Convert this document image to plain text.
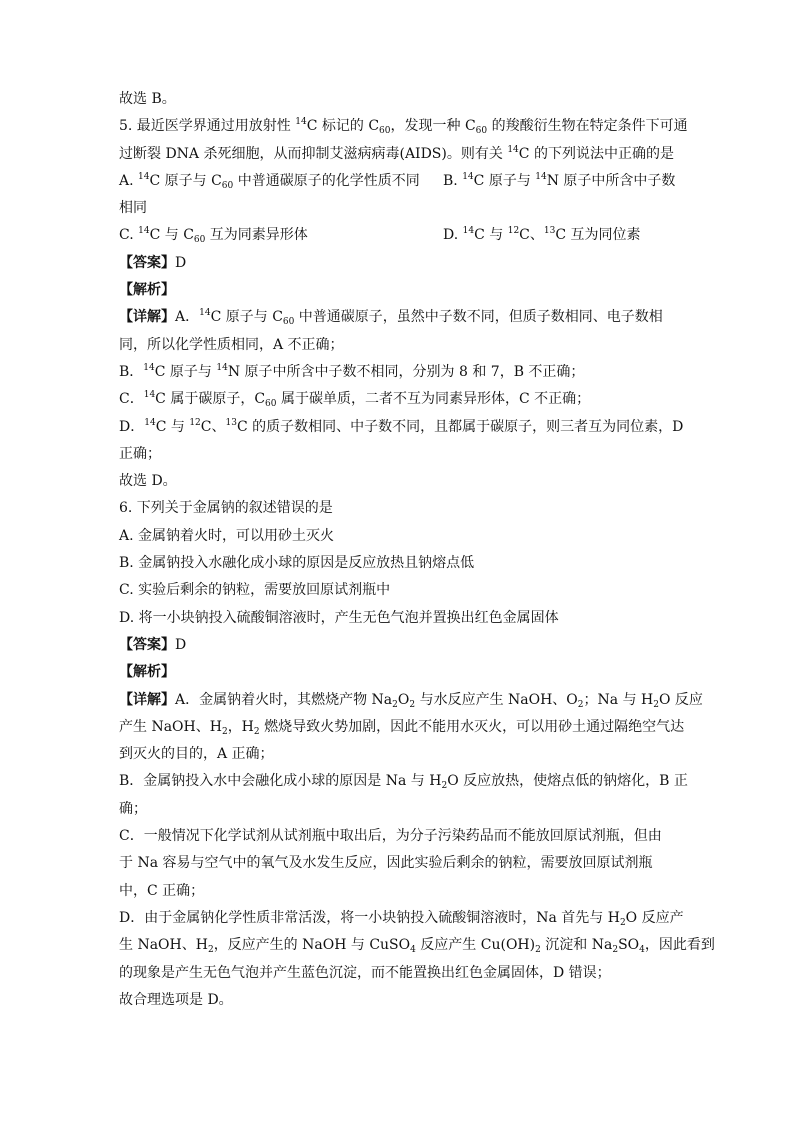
故选 B。
5. 最近医学界通过用放射性 $^{14}$C 标记的 $C_{60}$，发现一种 $C_{60}$ 的羧酸衍生物在特定条件下可通
过断裂 DNA 杀死细胞，从而抑制艾滋病病毒(AIDS)。则有关 $^{14}$C 的下列说法中正确的是
A. $^{14}$C 原子与 $C_{60}$ 中普通碳原子的化学性质不同	B. $^{14}$C 原子与 $^{14}$N 原子中所含中子数
相同
C. $^{14}$C 与 $C_{60}$ 互为同素异形体	D. $^{14}$C 与 $^{12}$C、$^{13}$C 互为同位素
【答案】D
【解析】
【详解】A．$^{14}$C 原子与 $C_{60}$ 中普通碳原子，虽然中子数不同，但质子数相同、电子数相
同，所以化学性质相同，A 不正确；
B．$^{14}$C 原子与 $^{14}$N 原子中所含中子数不相同，分别为 8 和 7，B 不正确；
C．$^{14}$C 属于碳原子，$C_{60}$ 属于碳单质，二者不互为同素异形体，C 不正确；
D．$^{14}$C 与 $^{12}$C、$^{13}$C 的质子数相同、中子数不同，且都属于碳原子，则三者互为同位素，D
正确；
故选 D。
6. 下列关于金属钠的叙述错误的是
A. 金属钠着火时，可以用砂土灭火
B. 金属钠投入水融化成小球的原因是反应放热且钠熔点低
C. 实验后剩余的钠粒，需要放回原试剂瓶中
D. 将一小块钠投入硫酸铜溶液时，产生无色气泡并置换出红色金属固体
【答案】D
【解析】
【详解】A．金属钠着火时，其燃烧产物 $Na_2O_2$ 与水反应产生 NaOH、$O_2$；Na 与 $H_2O$ 反应
产生 NaOH、$H_2$，$H_2$ 燃烧导致火势加剧，因此不能用水灭火，可以用砂土通过隔绝空气达
到灭火的目的，A 正确；
B．金属钠投入水中会融化成小球的原因是 Na 与 $H_2O$ 反应放热，使熔点低的钠熔化，B 正
确；
C．一般情况下化学试剂从试剂瓶中取出后，为分子污染药品而不能放回原试剂瓶，但由
于 Na 容易与空气中的氧气及水发生反应，因此实验后剩余的钠粒，需要放回原试剂瓶
中，C 正确；
D．由于金属钠化学性质非常活泼，将一小块钠投入硫酸铜溶液时，Na 首先与 $H_2O$ 反应产
生 NaOH、$H_2$，反应产生的 NaOH 与 CuSO$_4$ 反应产生 $Cu(OH)_2$ 沉淀和 $Na_2SO_4$，因此看到
的现象是产生无色气泡并产生蓝色沉淀，而不能置换出红色金属固体，D 错误；
故合理选项是 D。
